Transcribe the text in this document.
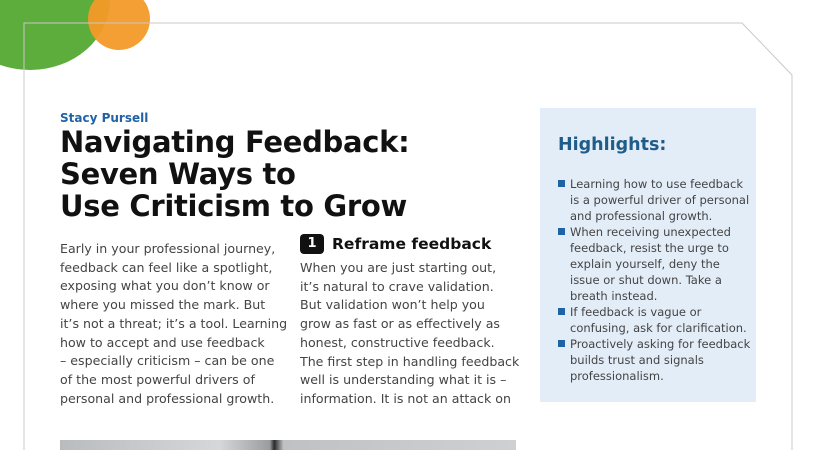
Stacy Pursell
Navigating Feedback:
Seven Ways to
Use Criticism to Grow
Early in your professional journey,
feedback can feel like a spotlight,
exposing what you don’t know or
where you missed the mark. But
it’s not a threat; it’s a tool. Learning
how to accept and use feedback
– especially criticism – can be one
of the most powerful drivers of
personal and professional growth.
1 Reframe feedback
When you are just starting out,
it’s natural to crave validation.
But validation won’t help you
grow as fast or as effectively as
honest, constructive feedback.
The first step in handling feedback
well is understanding what it is –
information. It is not an attack on
Highlights:
Learning how to use feedback
is a powerful driver of personal
and professional growth.
When receiving unexpected
feedback, resist the urge to
explain yourself, deny the
issue or shut down. Take a
breath instead.
If feedback is vague or
confusing, ask for clarification.
Proactively asking for feedback
builds trust and signals
professionalism.
